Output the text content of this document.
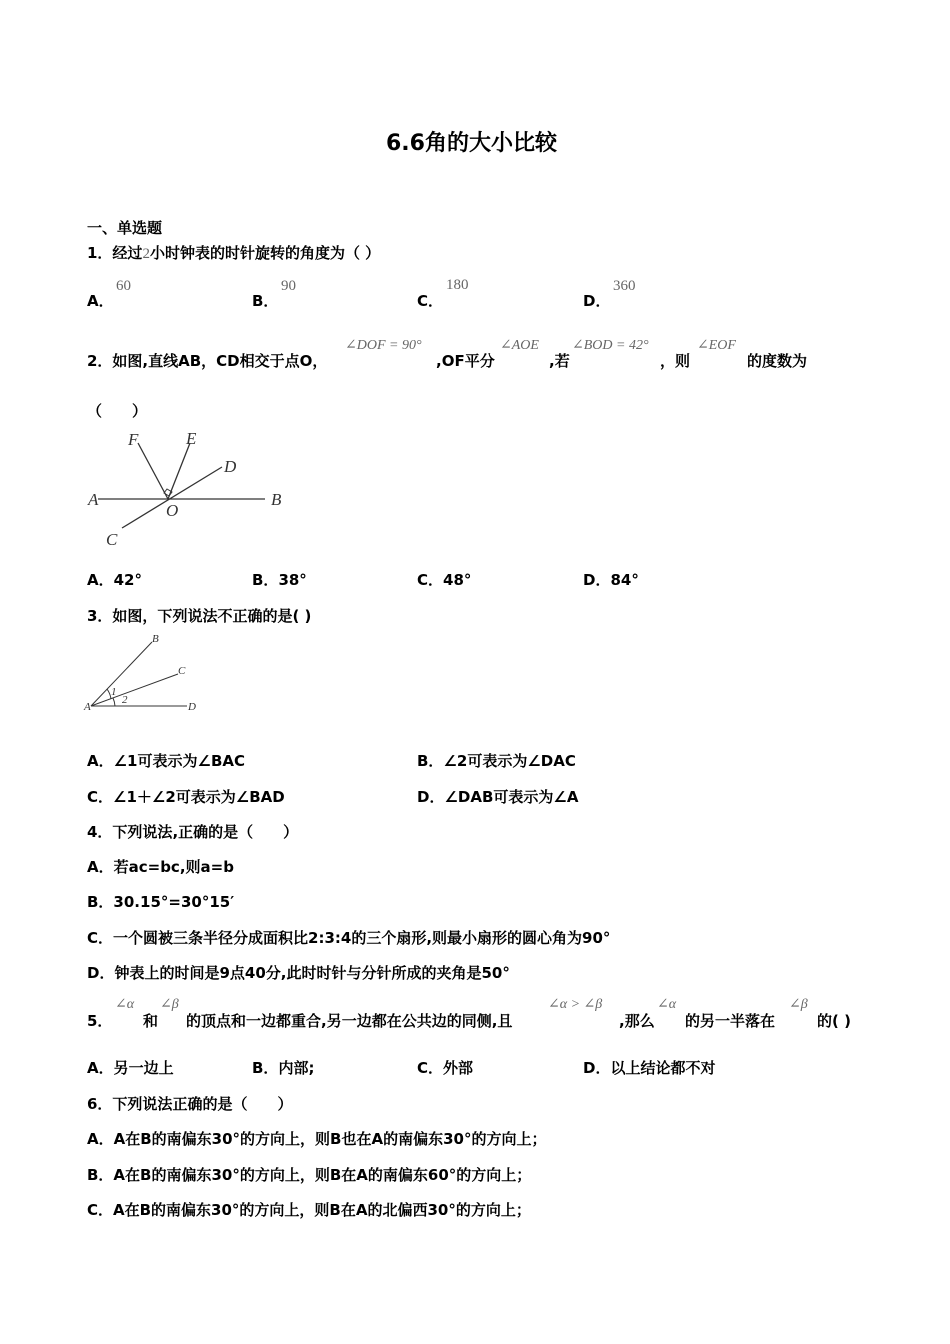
6.6角的大小比较
一、单选题
1．经过2小时钟表的时针旋转的角度为（ ）
A．
60
B．
90
C．
180
D．
360
2．如图,直线AB，CD相交于点O，
∠DOF = 90°
,OF平分
∠AOE
,若
∠BOD = 42°
，则
∠EOF
的度数为
（　　）
F	E
D
A
O
B
C
A．42°	B．38°	C．48°	D．84°
3．如图，下列说法不正确的是( )
B
C
A	D
1
2
A．∠1可表示为∠BAC	B．∠2可表示为∠DAC
C．∠1＋∠2可表示为∠BAD	D．∠DAB可表示为∠A
4．下列说法,正确的是（　　）
A．若ac=bc,则a=b
B．30.15°=30°15′
C．一个圆被三条半径分成面积比2:3:4的三个扇形,则最小扇形的圆心角为90°
D．钟表上的时间是9点40分,此时时针与分针所成的夹角是50°
5．
∠α
和
∠β
的顶点和一边都重合,另一边都在公共边的同侧,且
∠α > ∠β
,那么
∠α
的另一半落在
∠β
的( )
A．另一边上	B．内部;	C．外部	D．以上结论都不对
6．下列说法正确的是（　　）
A．A在B的南偏东30°的方向上，则B也在A的南偏东30°的方向上；
B．A在B的南偏东30°的方向上，则B在A的南偏东60°的方向上；
C．A在B的南偏东30°的方向上，则B在A的北偏西30°的方向上；
